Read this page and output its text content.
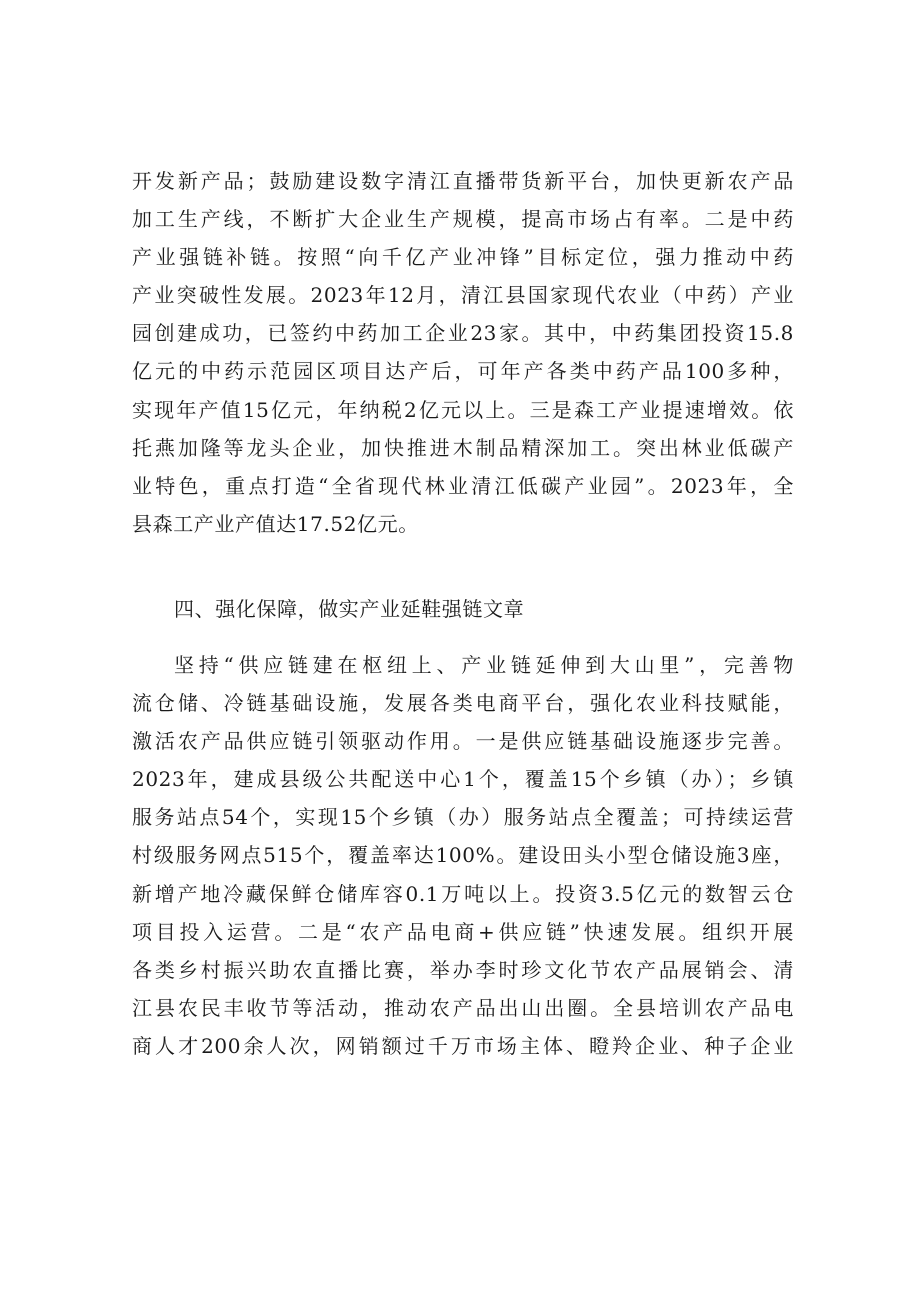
开发新产品；鼓励建设数字清江直播带货新平台，加快更新农产品
加工生产线，不断扩大企业生产规模，提高市场占有率。二是中药
产业强链补链。按照“向千亿产业冲锋”目标定位，强力推动中药
产业突破性发展。2023年12月，清江县国家现代农业（中药）产业
园创建成功，已签约中药加工企业23家。其中，中药集团投资15.8
亿元的中药示范园区项目达产后，可年产各类中药产品100多种，
实现年产值15亿元，年纳税2亿元以上。三是森工产业提速增效。依
托燕加隆等龙头企业，加快推进木制品精深加工。突出林业低碳产
业特色，重点打造“全省现代林业清江低碳产业园”。2023年，全
县森工产业产值达17.52亿元。
四、强化保障，做实产业延鞋强链文章
坚持“供应链建在枢纽上、产业链延伸到大山里”，完善物
流仓储、冷链基础设施，发展各类电商平台，强化农业科技赋能，
激活农产品供应链引领驱动作用。一是供应链基础设施逐步完善。
2023年，建成县级公共配送中心1个，覆盖15个乡镇（办）；乡镇
服务站点54个，实现15个乡镇（办）服务站点全覆盖；可持续运营
村级服务网点515个，覆盖率达100%。建设田头小型仓储设施3座，
新增产地冷藏保鲜仓储库容0.1万吨以上。投资3.5亿元的数智云仓
项目投入运营。二是“农产品电商+供应链”快速发展。组织开展
各类乡村振兴助农直播比赛，举办李时珍文化节农产品展销会、清
江县农民丰收节等活动，推动农产品出山出圈。全县培训农产品电
商人才200余人次，网销额过千万市场主体、瞪羚企业、种子企业
